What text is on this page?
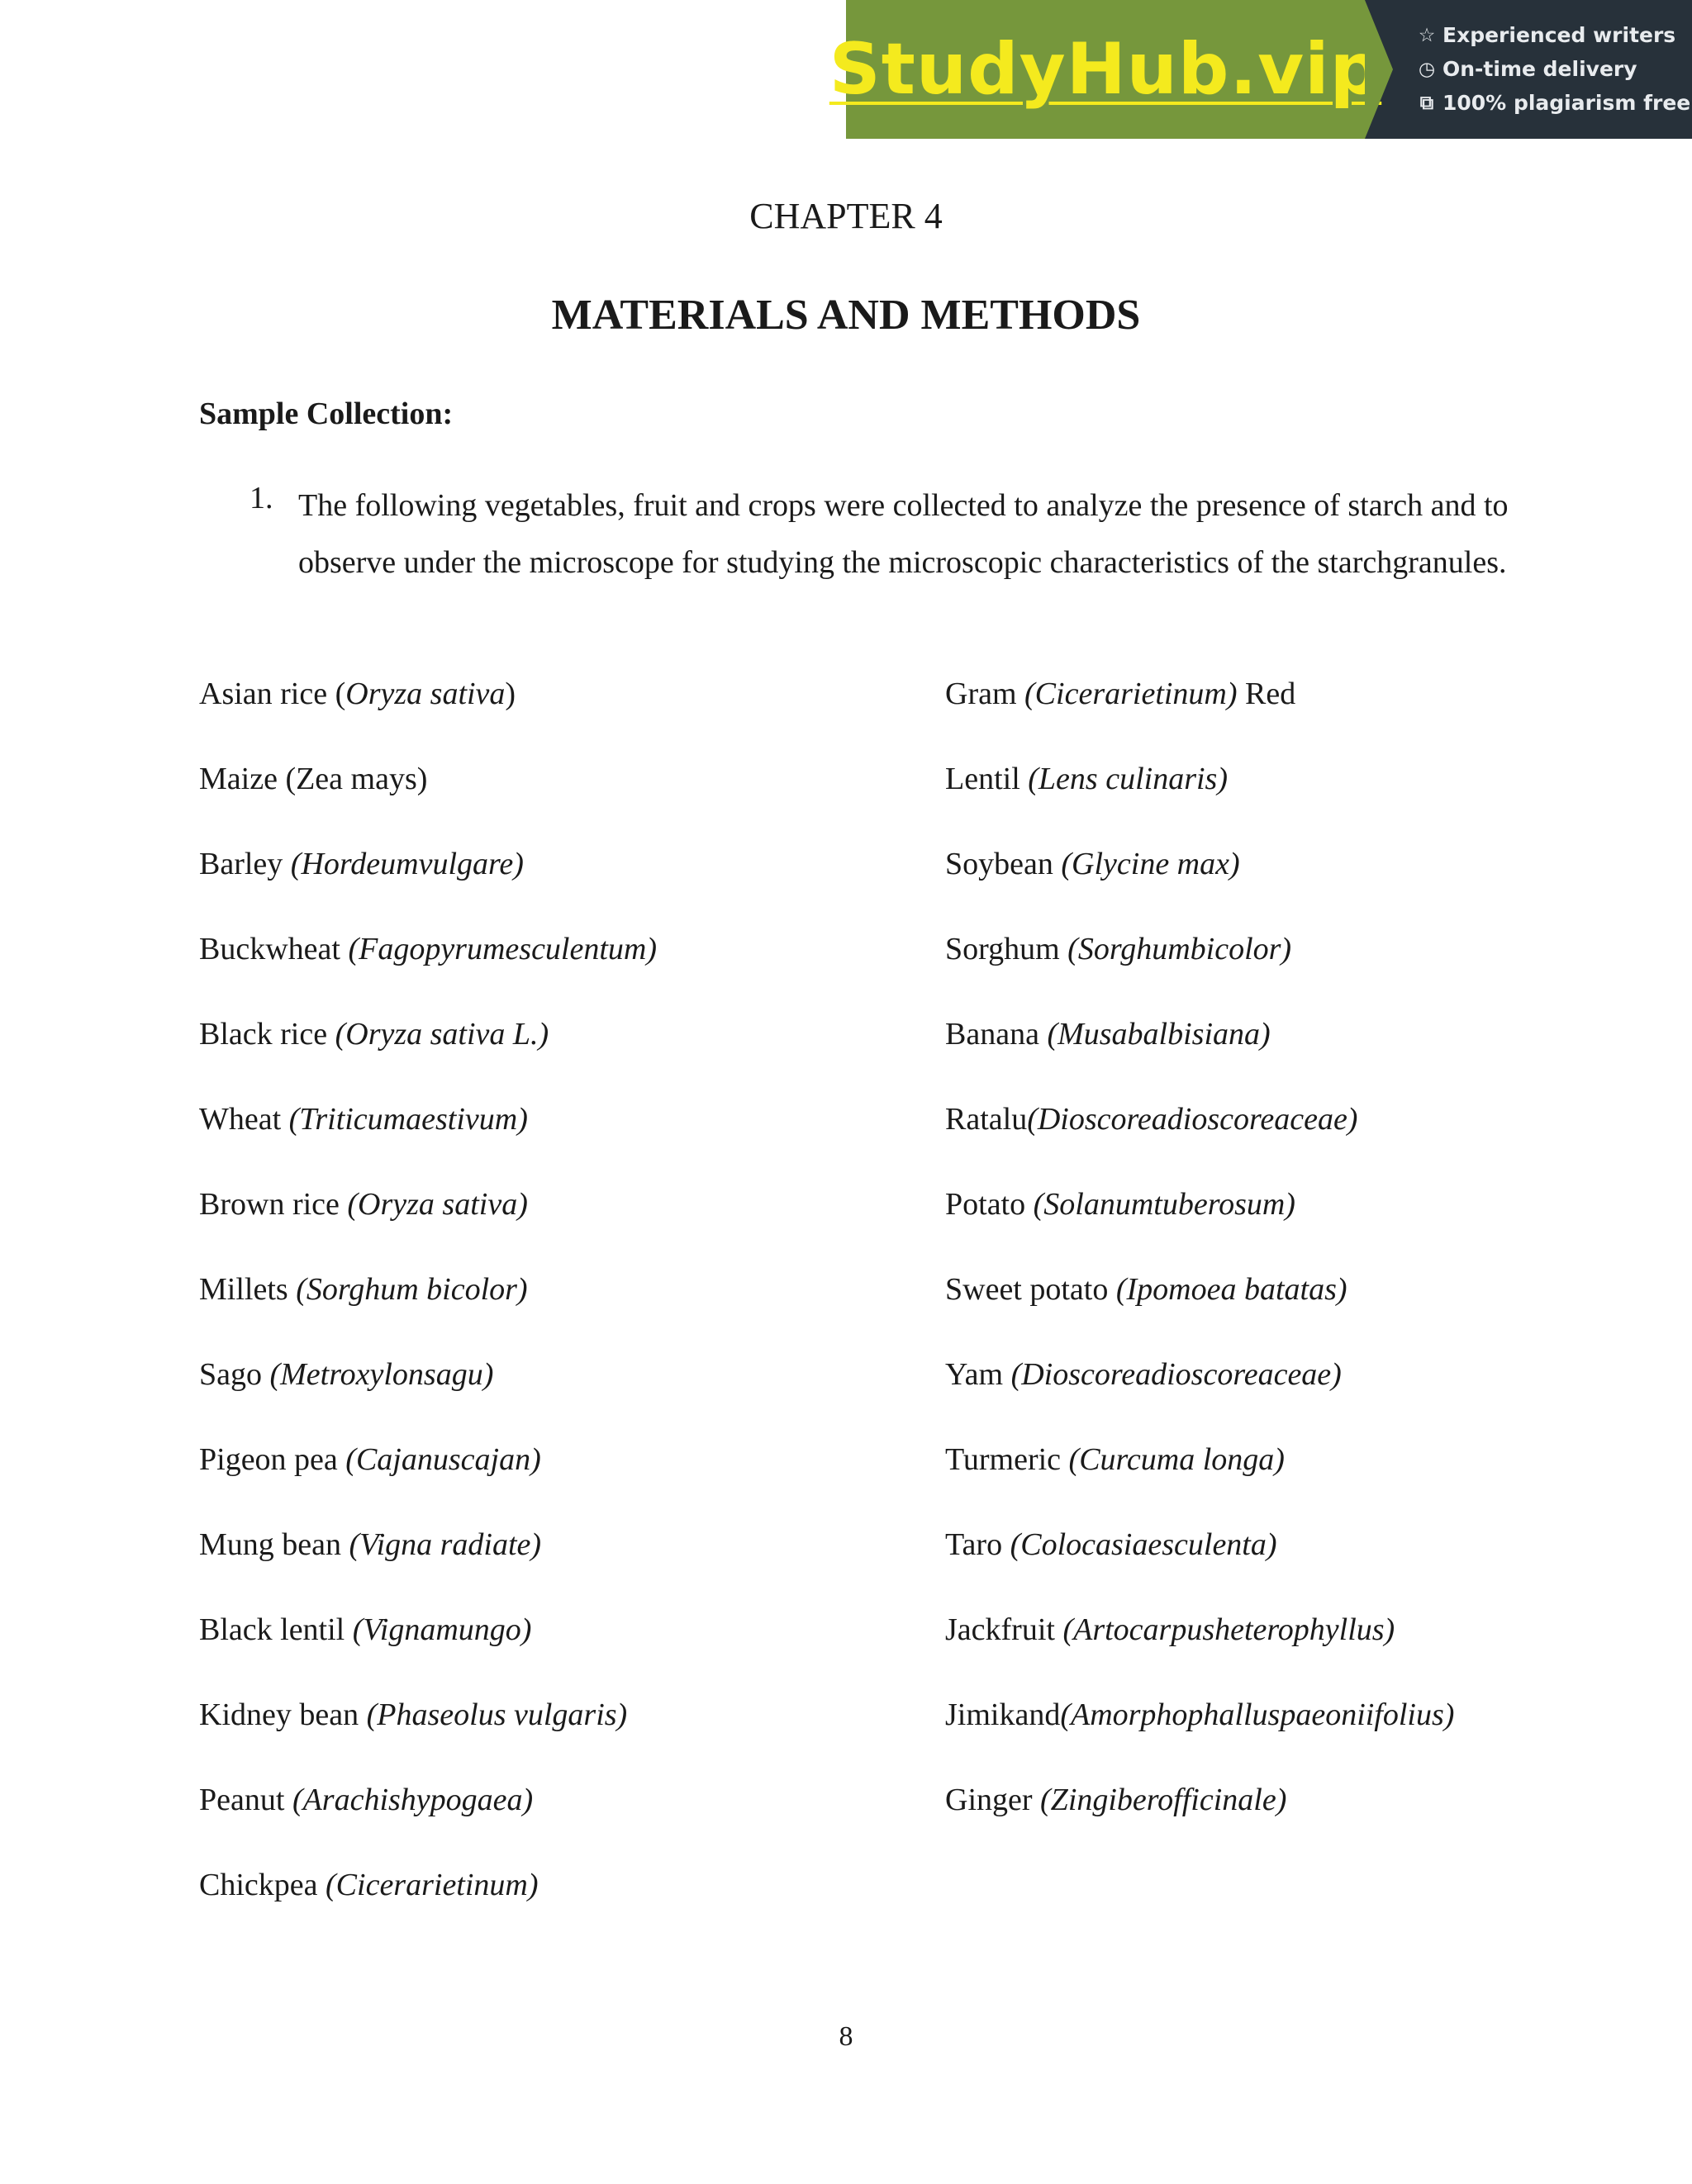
StudyHub.vip ☆ Experienced writers
◷ On-time delivery
⧉ 100% plagiarism free
CHAPTER 4
MATERIALS AND METHODS

Sample Collection:

1. The following vegetables, fruit and crops were collected to analyze the presence of starch and to observe under the microscope for studying the microscopic characteristics of the starchgranules.

Asian rice (Oryza sativa)
Maize (Zea mays)
Barley (Hordeumvulgare)
Buckwheat (Fagopyrumesculentum)
Black rice (Oryza sativa L.)
Wheat (Triticumaestivum)
Brown rice (Oryza sativa)
Millets (Sorghum bicolor)
Sago (Metroxylonsagu)
Pigeon pea (Cajanuscajan)
Mung bean (Vigna radiate)
Black lentil (Vignamungo)
Kidney bean (Phaseolus vulgaris)
Peanut (Arachishypogaea)
Chickpea (Cicerarietinum)
Gram (Cicerarietinum) Red
Lentil (Lens culinaris)
Soybean (Glycine max)
Sorghum (Sorghumbicolor)
Banana (Musabalbisiana)
Ratalu(Dioscoreadioscoreaceae)
Potato (Solanumtuberosum)
Sweet potato (Ipomoea batatas)
Yam (Dioscoreadioscoreaceae)
Turmeric (Curcuma longa)
Taro (Colocasiaesculenta)
Jackfruit (Artocarpusheterophyllus)
Jimikand(Amorphophalluspaeoniifolius)
Ginger (Zingiberofficinale)
8
